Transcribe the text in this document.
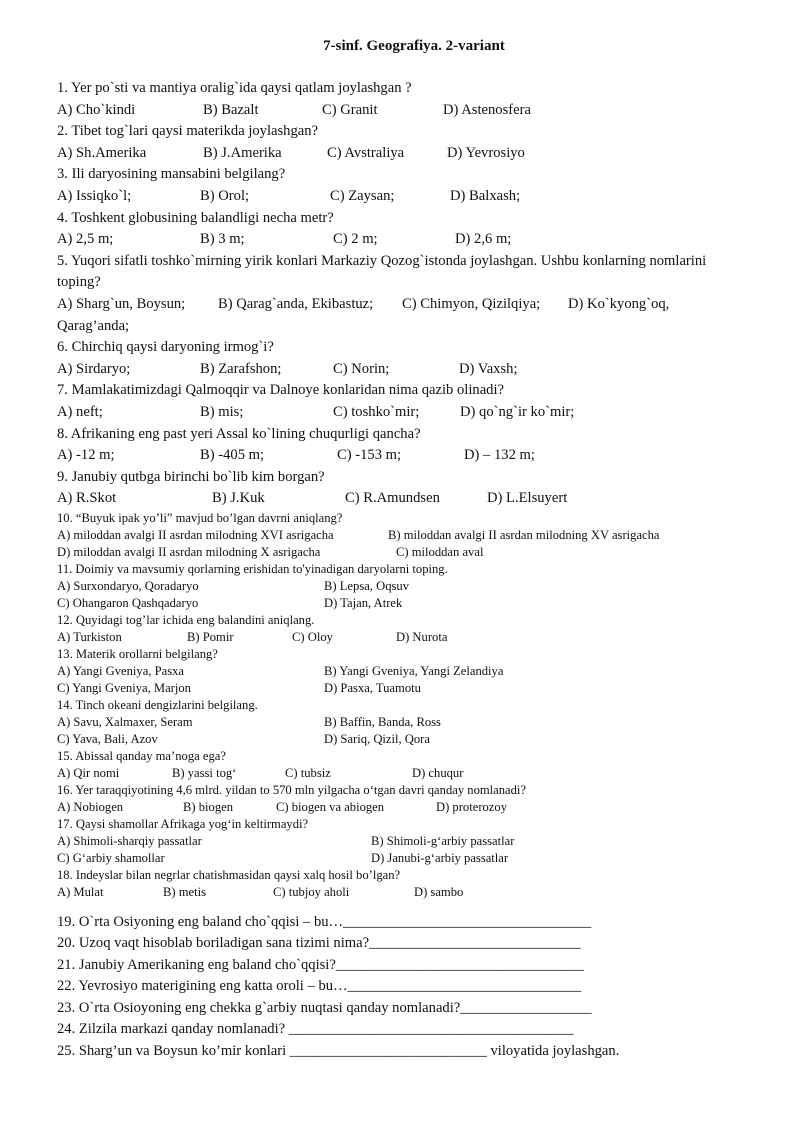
7-sinf. Geografiya. 2-variant
1. Yer po`sti va mantiya oralig`ida qaysi qatlam joylashgan ?
A) Cho`kindi	B) Bazalt	C) Granit	D) Astenosfera
2. Tibet tog`lari qaysi materikda joylashgan?
A) Sh.Amerika	B) J.Amerika	C) Avstraliya	D) Yevrosiyo
3. Ili daryosining mansabini belgilang?
A) Issiqko`l;	B) Orol;	C) Zaysan;	D) Balxash;
4. Toshkent globusining balandligi necha metr?
A) 2,5 m;	B) 3 m;	C) 2 m;	D) 2,6 m;
5. Yuqori sifatli toshko`mirning yirik konlari Markaziy Qozog`istonda joylashgan. Ushbu konlarning nomlarini toping?
A) Sharg`un, Boysun; B) Qarag`anda, Ekibastuz; C) Chimyon, Qizilqiya; D) Ko`kyong`oq,
Qarag’anda;
6. Chirchiq qaysi daryoning irmog`i?
A) Sirdaryo;	B) Zarafshon;	C) Norin;	D) Vaxsh;
7. Mamlakatimizdagi Qalmoqqir va Dalnoye konlaridan nima qazib olinadi?
A) neft;	B) mis;	C) toshko`mir;	D) qo`ng`ir ko`mir;
8. Afrikaning eng past yeri Assal ko`lining chuqurligi qancha?
A) -12 m;	B) -405 m;	C) -153 m;	D) – 132 m;
9. Janubiy qutbga birinchi bo`lib kim borgan?
A) R.Skot	B) J.Kuk	C) R.Amundsen	D) L.Elsuyert
10. “Buyuk ipak yo’li” mavjud bo’lgan davrni aniqlang?
A) miloddan avalgi II asrdan milodning XVI asrigacha	B) miloddan avalgi II asrdan milodning XV asrigacha
D) miloddan avalgi II asrdan milodning X asrigacha	C) miloddan aval
11. Doimiy va mavsumiy qorlarning erishidan to'yinadigan daryolarni toping.
A) Surxondaryo, Qoradaryo	B) Lepsa, Oqsuv
C) Ohangaron Qashqadaryo	D) Tajan, Atrek
12. Quyidagi tog’lar ichida eng balandini aniqlang.
A) Turkiston	B) Pomir	C) Oloy	D) Nurota
13. Materik orollarni belgilang?
A) Yangi Gveniya, Pasxa	B) Yangi Gveniya, Yangi Zelandiya
C) Yangi Gveniya, Marjon	D) Pasxa, Tuamotu
14. Tinch okeani dengizlarini belgilang.
A) Savu, Xalmaxer, Seram	B) Baffin, Banda, Ross
C) Yava, Bali, Azov	D) Sariq, Qizil, Qora
15. Abissal qanday ma’noga ega?
A) Qir nomi	B) yassi tog‘	C) tubsiz	D) chuqur
16. Yer taraqqiyotining 4,6 mlrd. yildan to 570 mln yilgacha o‘tgan davri qanday nomlanadi?
A) Nobiogen	B) biogen	C) biogen va abiogen	D) proterozoy
17. Qaysi shamollar Afrikaga yog‘in keltirmaydi?
A) Shimoli-sharqiy passatlar	B) Shimoli-g‘arbiy passatlar
C) G‘arbiy shamollar	D) Janubi-g‘arbiy passatlar
18. Indeyslar bilan negrlar chatishmasidan qaysi xalq hosil bo’lgan?
A) Mulat	B) metis	C) tubjoy aholi	D) sambo
19. O`rta Osiyoning eng baland cho`qqisi – bu…__________________________________
20. Uzoq vaqt hisoblab boriladigan sana tizimi nima?_____________________________
21. Janubiy Amerikaning eng baland cho`qqisi?__________________________________
22. Yevrosiyo materigining eng katta oroli – bu…________________________________
23. O`rta Osioyoning eng chekka g`arbiy nuqtasi qanday nomlanadi?__________________
24. Zilzila markazi qanday nomlanadi? _______________________________________
25. Sharg’un va Boysun ko’mir konlari ___________________________ viloyatida joylashgan.
